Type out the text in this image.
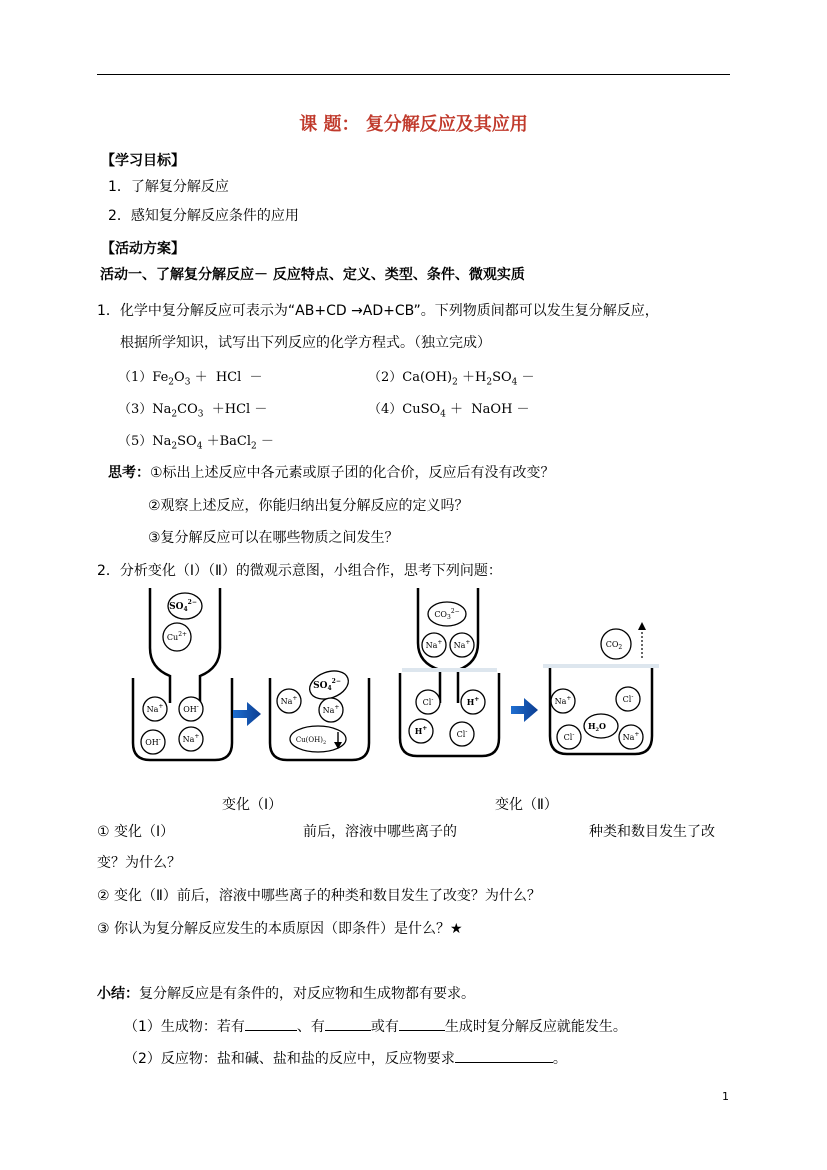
课 题： 复分解反应及其应用
【学习目标】
1．了解复分解反应
2．感知复分解反应条件的应用
【活动方案】
活动一、了解复分解反应－ 反应特点、定义、类型、条件、微观实质
1．化学中复分解反应可表示为“AB+CD →AD+CB”。下列物质间都可以发生复分解反应，
根据所学知识，试写出下列反应的化学方程式。（独立完成）
$(1)Fe_2O_3$ ＋  HCl  －	$(2)Ca(OH)_2 +H_2SO_4$ －
$(3)Na_2CO_3 +HCl$ －	（4）CuSO$_4$ ＋  NaOH －
$(5)Na_2SO_4$ ＋BaCl$_2$ －
思考：①标出上述反应中各元素或原子团的化合价，反应后有没有改变？
②观察上述反应，你能归纳出复分解反应的定义吗？
③复分解反应可以在哪些物质之间发生？
2．分析变化（Ⅰ）（Ⅱ）的微观示意图，小组合作，思考下列问题：
$SO_4^{2-}$
$Cu^{2+}$
Na+ OH-
OH-	Na+
Na+
$SO_4^{2-}$
Na+
$Cu(OH)_2$
$CO_3^{2-}$
Na+ Na+
Cl-	H+
H+
Cl-
$CO_2$
Na+	Cl-
$H_2O$
Cl-	Na+
变化（Ⅰ）	变化（Ⅱ）
① 变化（Ⅰ）	前后，溶液中哪些离子的	种类和数目发生了改
变？为什么？
② 变化（Ⅱ）前后，溶液中哪些离子的种类和数目发生了改变？为什么？
③ 你认为复分解反应发生的本质原因（即条件）是什么？★
小结：复分解反应是有条件的，对反应物和生成物都有要求。
（1）生成物：若有	、有	或有	生成时复分解反应就能发生。
（2）反应物：盐和碱、盐和盐的反应中，反应物要求	。
1
